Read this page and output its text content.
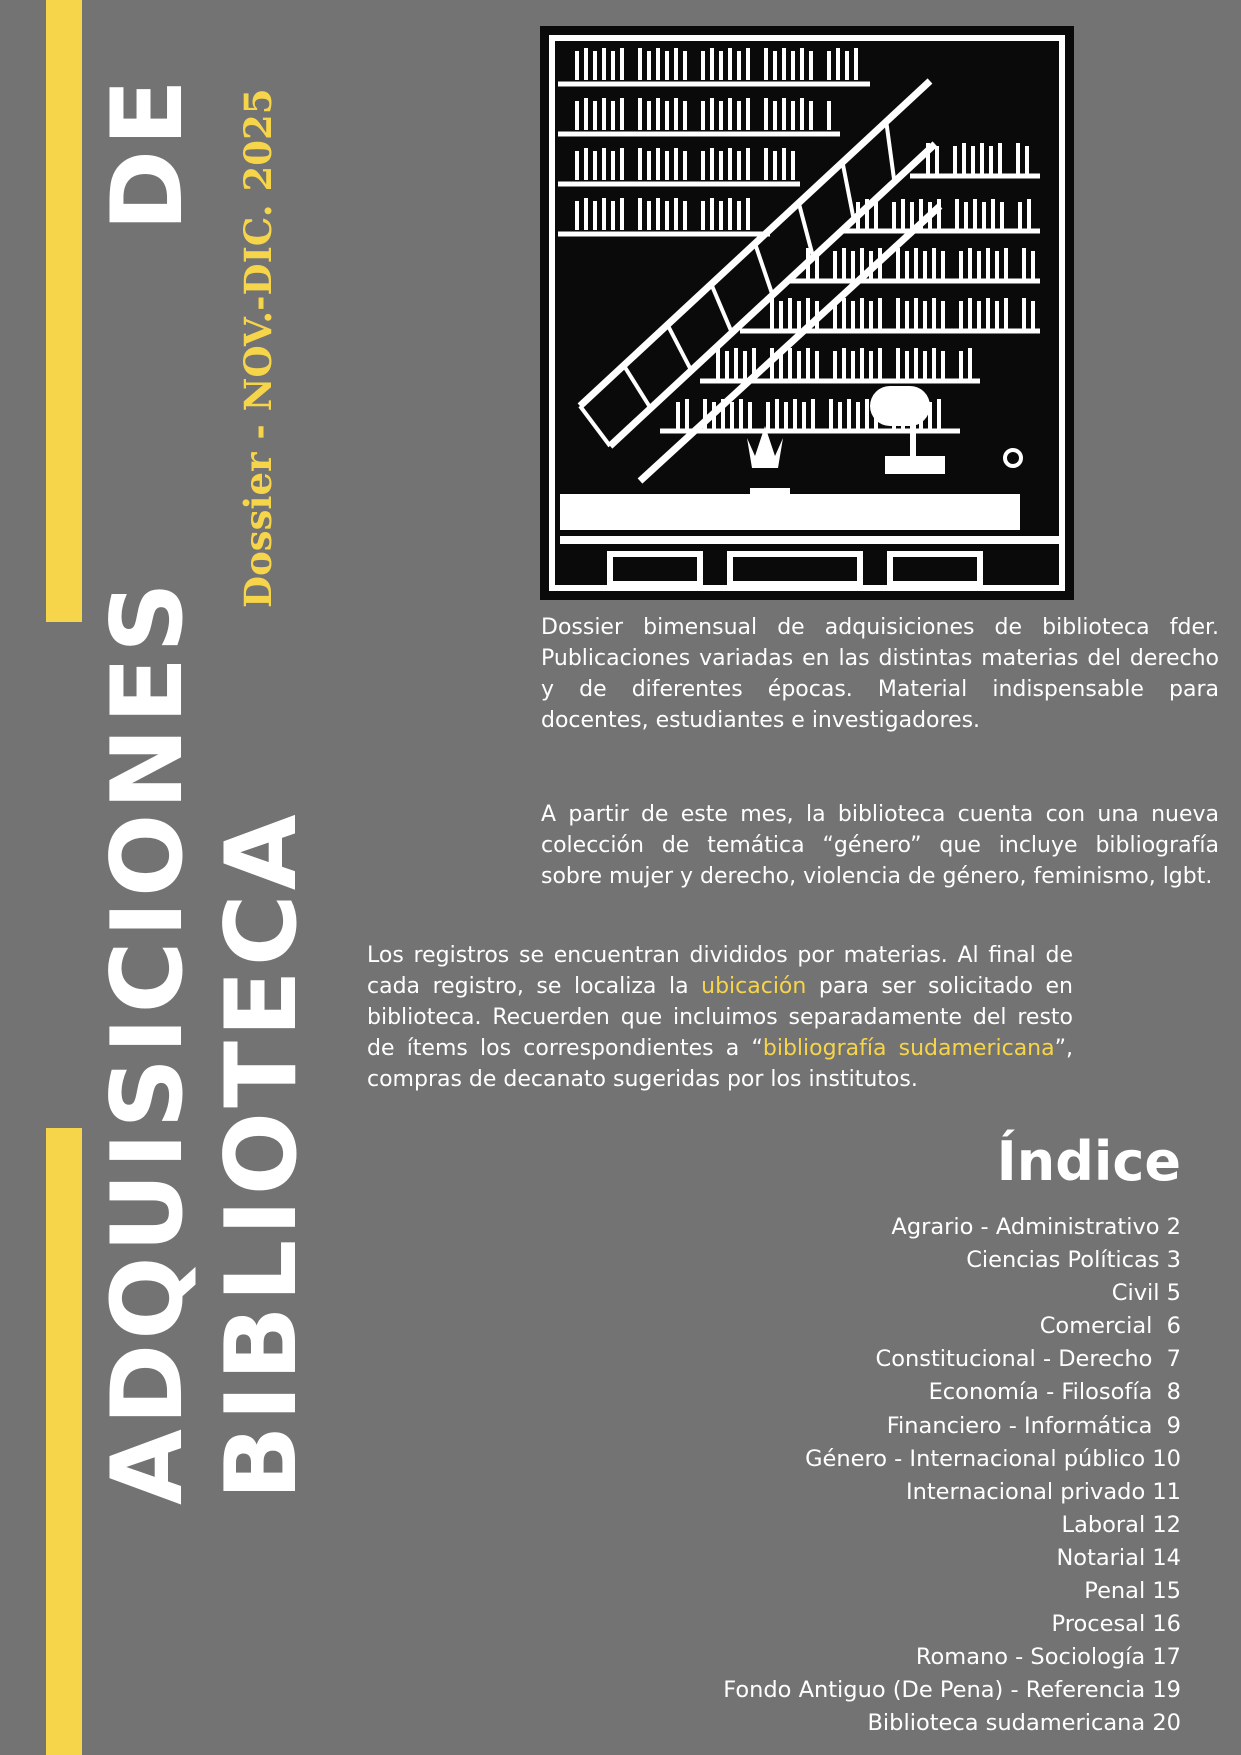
ADQUISICIONES DE
BIBLIOTECA
Dossier - NOV.-DIC. 2025

Dossier bimensual de adquisiciones de biblioteca fder. Publicaciones variadas en las distintas materias del derecho y de diferentes épocas. Material indispensable para docentes, estudiantes e investigadores.

A partir de este mes, la biblioteca cuenta con una nueva colección de temática “género” que incluye bibliografía sobre mujer y derecho, violencia de género, feminismo, lgbt.

Los registros se encuentran divididos por materias. Al final de cada registro, se localiza la ubicación para ser solicitado en biblioteca. Recuerden que incluimos separadamente del resto de ítems los correspondientes a “bibliografía sudamericana”, compras de decanato sugeridas por los institutos.

Índice
Agrario - Administrativo 2
Ciencias Políticas 3
Civil 5
Comercial  6
Constitucional - Derecho  7
Economía - Filosofía  8
Financiero - Informática  9
Género - Internacional público 10
Internacional privado 11
Laboral 12
Notarial 14
Penal 15
Procesal 16
Romano - Sociología 17
Fondo Antiguo (De Pena) - Referencia 19
Biblioteca sudamericana 20
